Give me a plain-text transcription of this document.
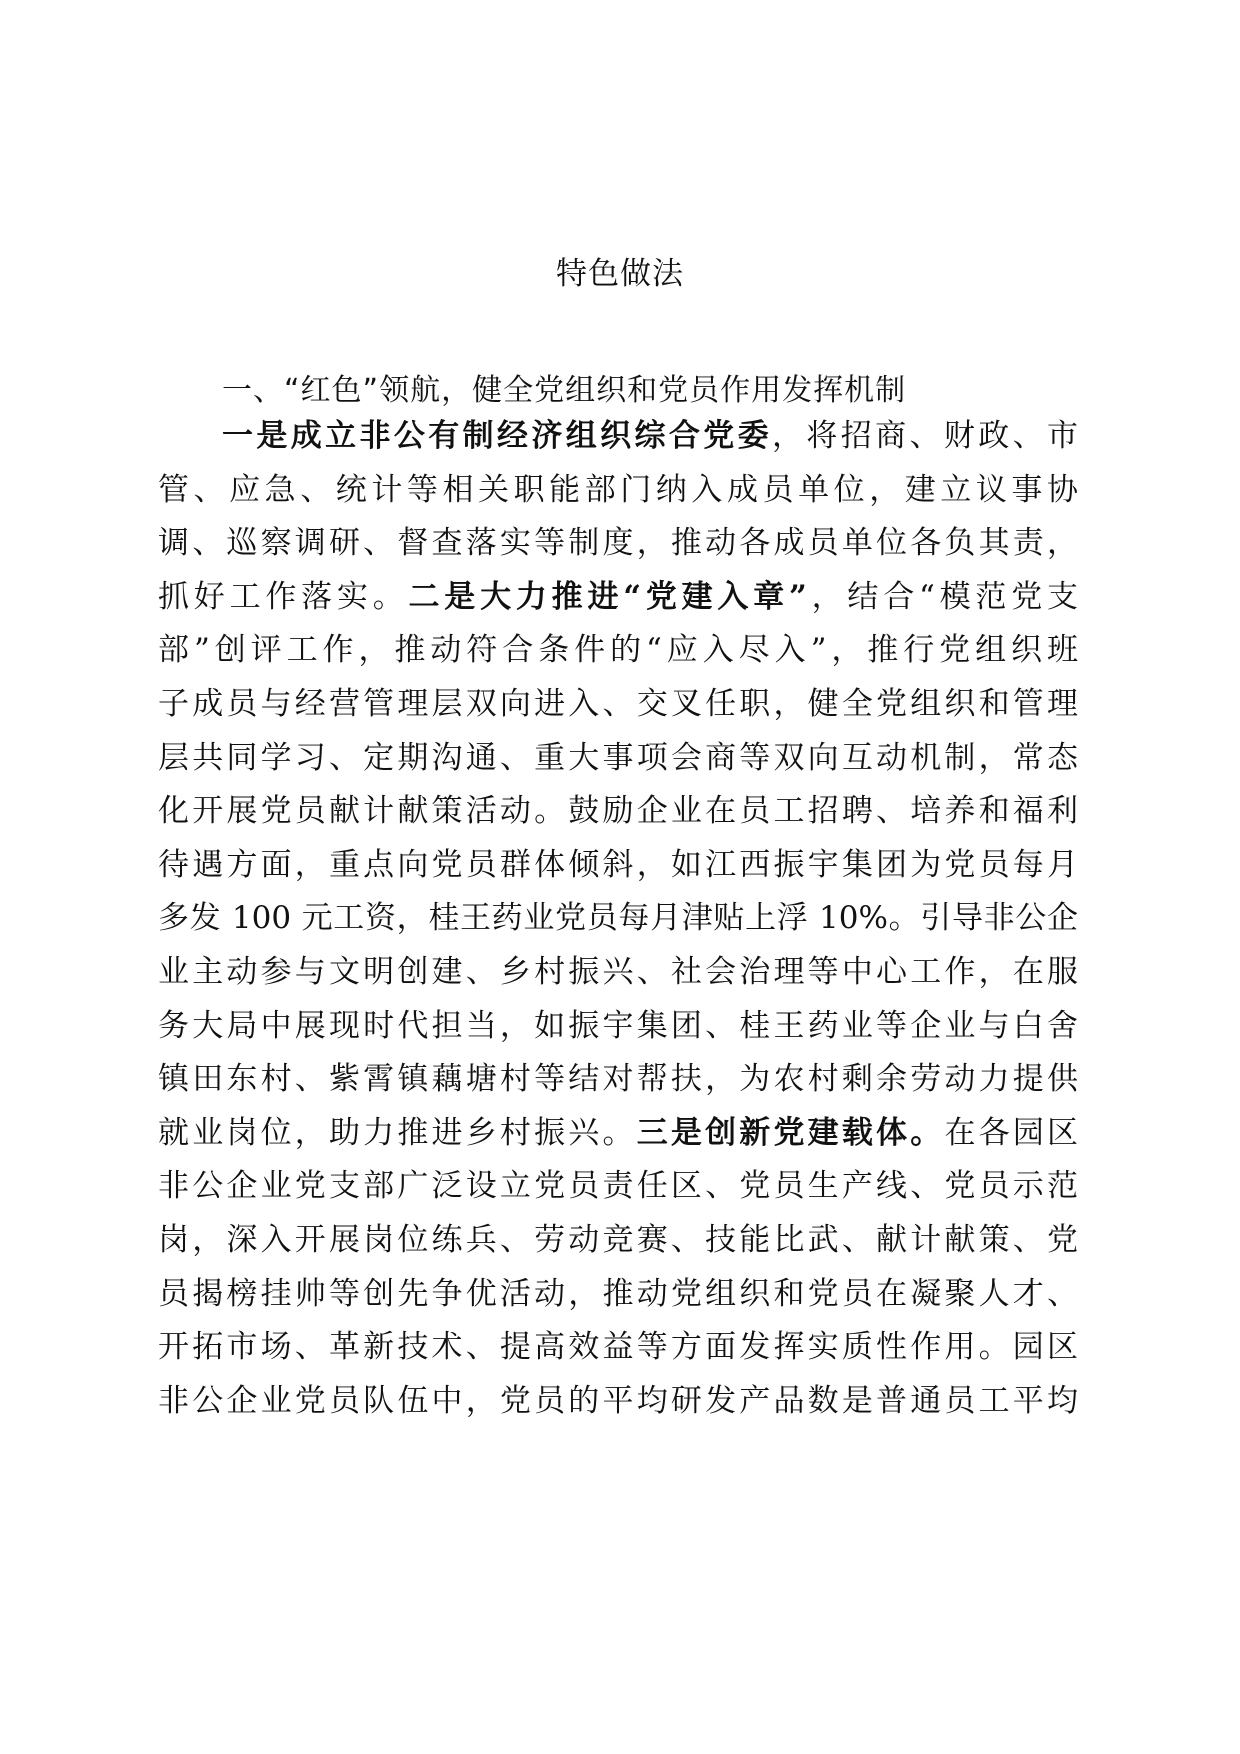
特色做法
一、“红色”领航，健全党组织和党员作用发挥机制
一是成立非公有制经济组织综合党委，将招商、财政、市
管、应急、统计等相关职能部门纳入成员单位，建立议事协
调、巡察调研、督查落实等制度，推动各成员单位各负其责，
抓好工作落实。二是大力推进“党建入章”，结合“模范党支
部”创评工作，推动符合条件的“应入尽入”，推行党组织班
子成员与经营管理层双向进入、交叉任职，健全党组织和管理
层共同学习、定期沟通、重大事项会商等双向互动机制，常态
化开展党员献计献策活动。鼓励企业在员工招聘、培养和福利
待遇方面，重点向党员群体倾斜，如江西振宇集团为党员每月
多发 100 元工资，桂王药业党员每月津贴上浮 10%。引导非公企
业主动参与文明创建、乡村振兴、社会治理等中心工作，在服
务大局中展现时代担当，如振宇集团、桂王药业等企业与白舍
镇田东村、紫霄镇藕塘村等结对帮扶，为农村剩余劳动力提供
就业岗位，助力推进乡村振兴。三是创新党建载体。在各园区
非公企业党支部广泛设立党员责任区、党员生产线、党员示范
岗，深入开展岗位练兵、劳动竞赛、技能比武、献计献策、党
员揭榜挂帅等创先争优活动，推动党组织和党员在凝聚人才、
开拓市场、革新技术、提高效益等方面发挥实质性作用。园区
非公企业党员队伍中，党员的平均研发产品数是普通员工平均
